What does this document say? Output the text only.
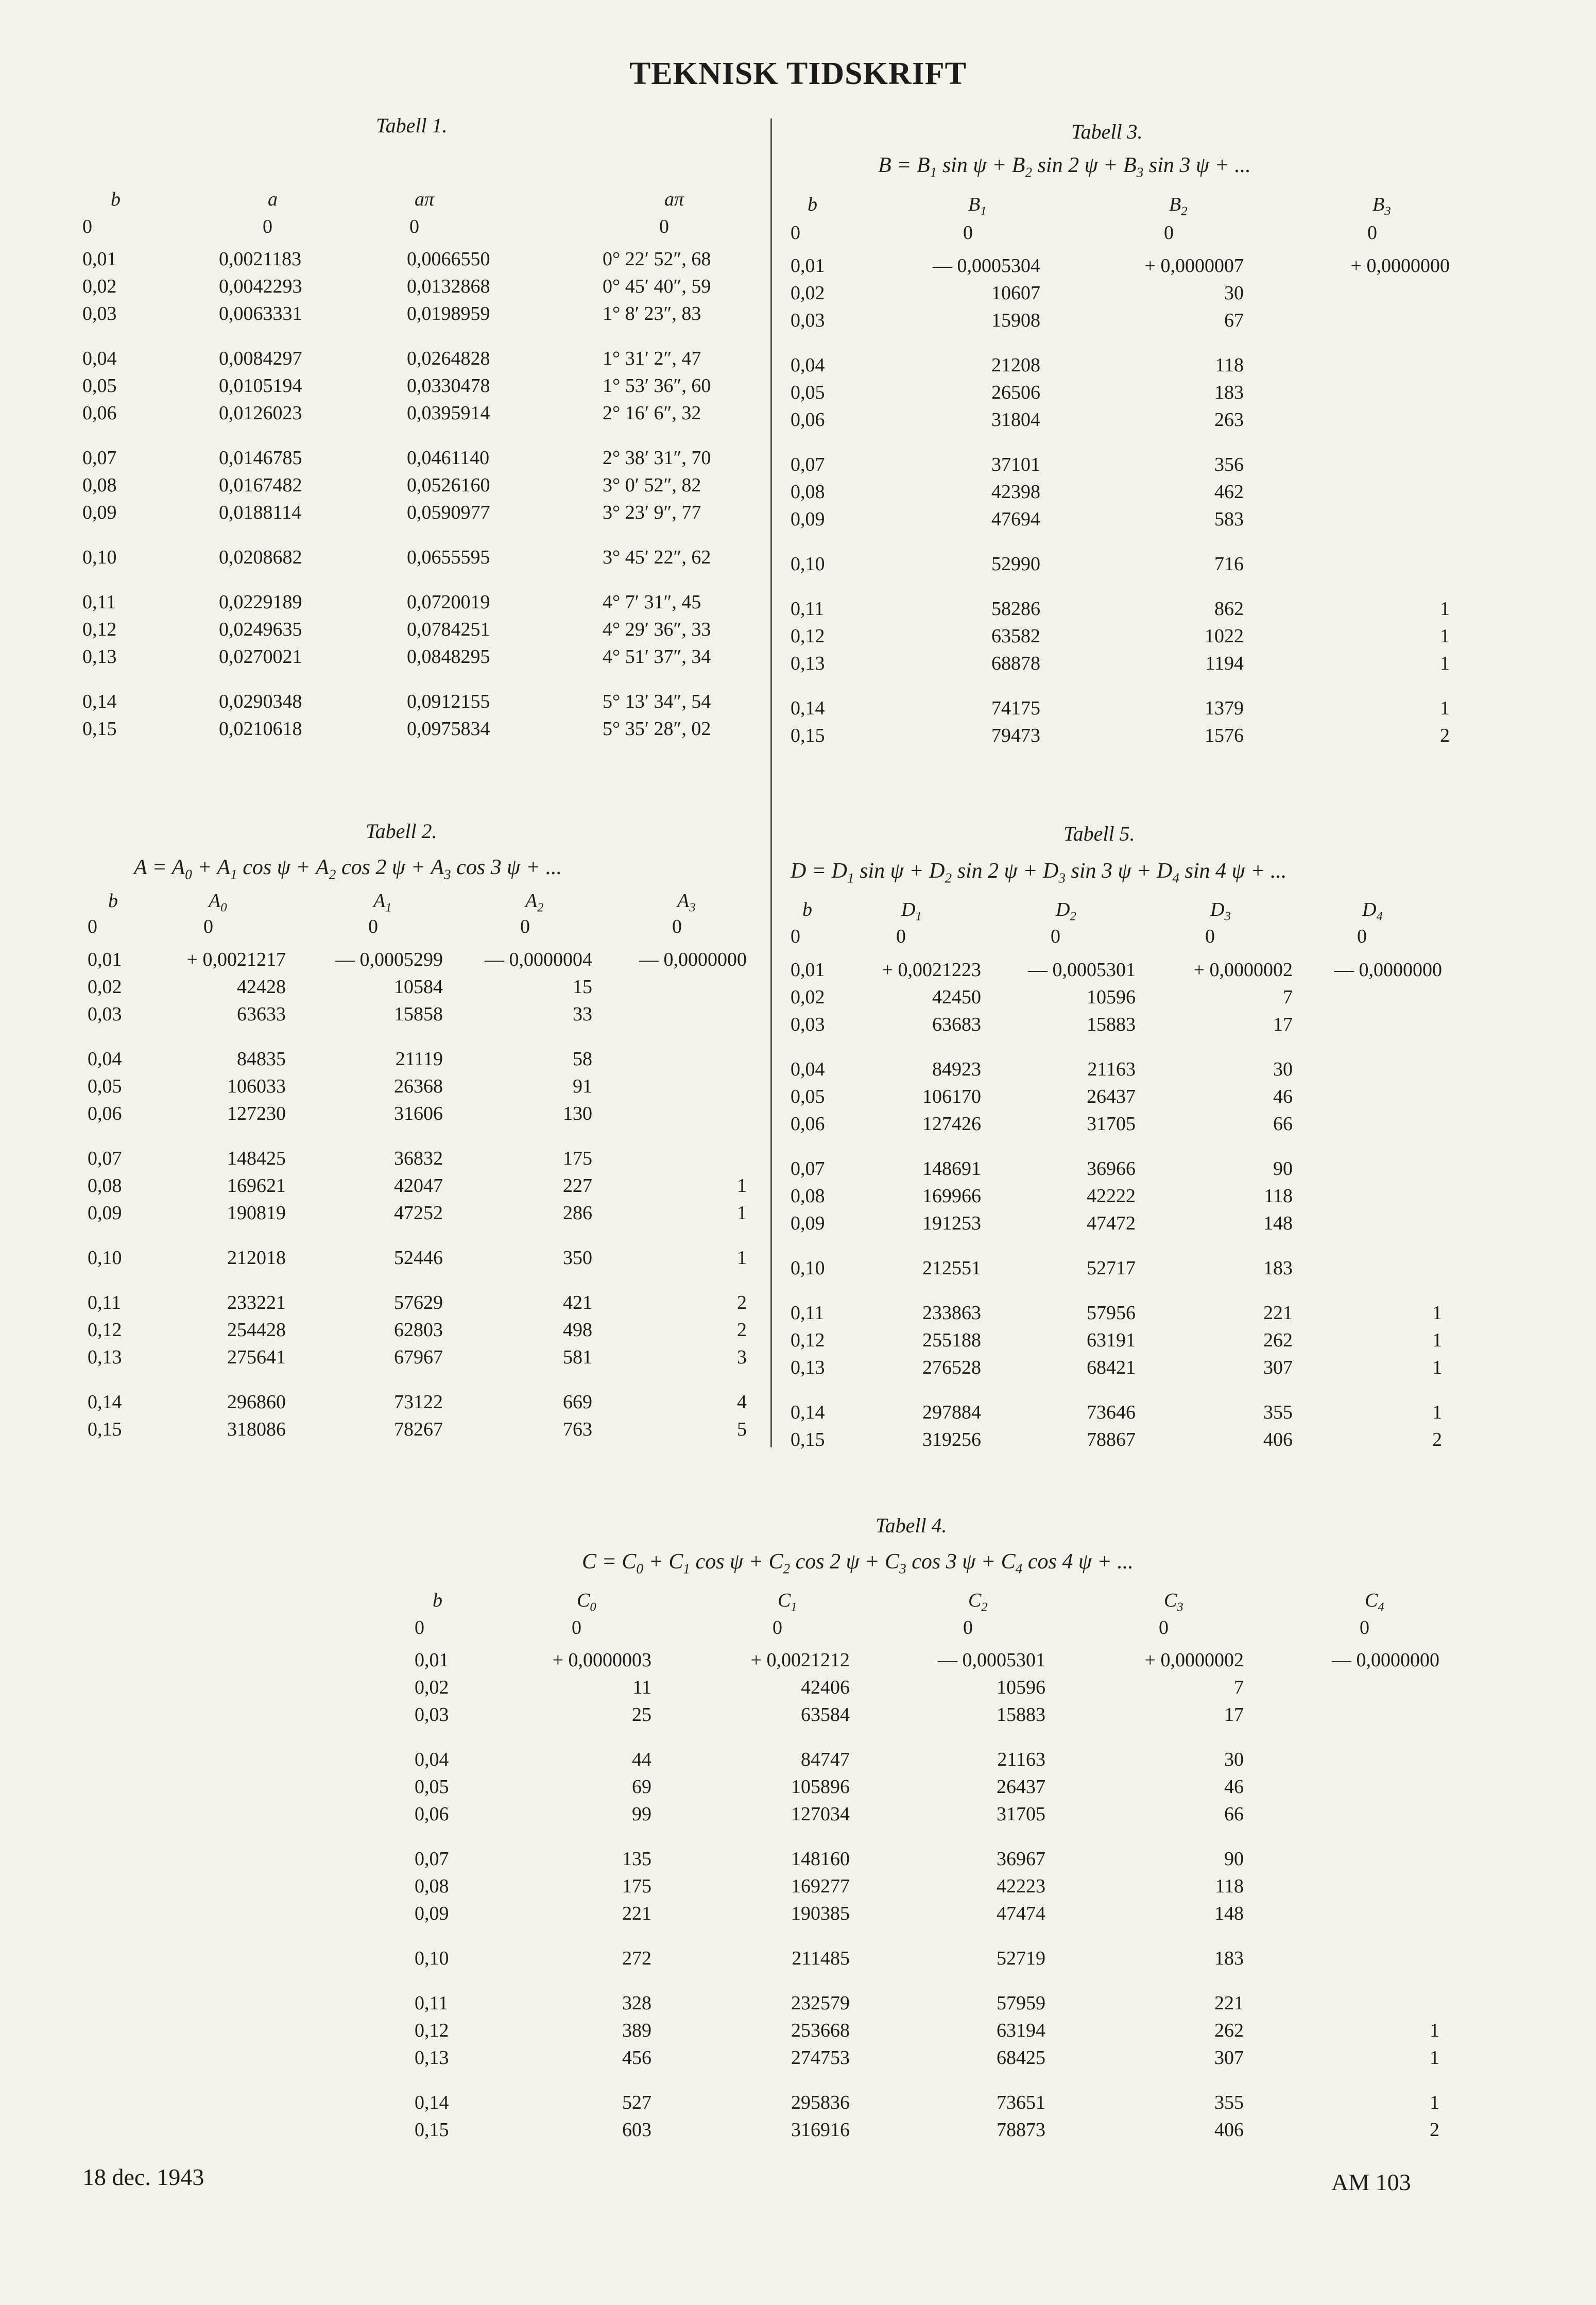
TEKNISK TIDSKRIFT
Tabell 1.
b	a	aπ	aπ
0	0	0	0
0,01	0,0021183	0,0066550	0° 22′ 52″, 68
0,02	0,0042293	0,0132868	0° 45′ 40″, 59
0,03	0,0063331	0,0198959	1° 8′ 23″, 83
0,04	0,0084297	0,0264828	1° 31′ 2″, 47
0,05	0,0105194	0,0330478	1° 53′ 36″, 60
0,06	0,0126023	0,0395914	2° 16′ 6″, 32
0,07	0,0146785	0,0461140	2° 38′ 31″, 70
0,08	0,0167482	0,0526160	3° 0′ 52″, 82
0,09	0,0188114	0,0590977	3° 23′ 9″, 77
0,10	0,0208682	0,0655595	3° 45′ 22″, 62
0,11	0,0229189	0,0720019	4° 7′ 31″, 45
0,12	0,0249635	0,0784251	4° 29′ 36″, 33
0,13	0,0270021	0,0848295	4° 51′ 37″, 34
0,14	0,0290348	0,0912155	5° 13′ 34″, 54
0,15	0,0210618	0,0975834	5° 35′ 28″, 02
Tabell 3.
$B = B_1$ $\sin \psi + B_2$ sin 2 $\psi + B_3$ sin 3 ψ + ...
b	$B_1$	$B_2$	$B_3$
0	0	0	0
0,01	— 0,0005304	+ 0,0000007	+ 0,0000000
0,02	10607	30
0,03	15908	67
0,04	21208	118
0,05	26506	183
0,06	31804	263
0,07	37101	356
0,08	42398	462
0,09	47694	583
0,10	52990	716
0,11	58286	862	1
0,12	63582	1022	1
0,13	68878	1194	1
0,14	74175	1379	1
0,15	79473	1576	2
Tabell 2.
$A = A_0 + A_1$ $\cos \psi + A_2$ cos 2 $\psi + A_3$ cos 3 ψ + ...
b	$A_0$	$A_1$	$A_2$	$A_3$
0	0	0	0	0
0,01	+ 0,0021217	— 0,0005299	— 0,0000004	— 0,0000000
0,02	42428	10584	15
0,03	63633	15858	33
0,04	84835	21119	58
0,05	106033	26368	91
0,06	127230	31606	130
0,07	148425	36832	175
0,08	169621	42047	227	1
0,09	190819	47252	286	1
0,10	212018	52446	350	1
0,11	233221	57629	421	2
0,12	254428	62803	498	2
0,13	275641	67967	581	3
0,14	296860	73122	669	4
0,15	318086	78267	763	5
Tabell 5.
$D = D_1$ $\sin \psi + D_2$ sin 2 $\psi + D_3$ sin 3 $\psi + D_4$ sin 4 ψ + ...
b	$D_1$	$D_2$	$D_3$	$D_4$
0	0	0	0	0
0,01	+ 0,0021223	— 0,0005301	+ 0,0000002	— 0,0000000
0,02	42450	10596	7
0,03	63683	15883	17
0,04	84923	21163	30
0,05	106170	26437	46
0,06	127426	31705	66
0,07	148691	36966	90
0,08	169966	42222	118
0,09	191253	47472	148
0,10	212551	52717	183
0,11	233863	57956	221	1
0,12	255188	63191	262	1
0,13	276528	68421	307	1
0,14	297884	73646	355	1
0,15	319256	78867	406	2
Tabell 4.
$C = C_0 + C_1$ $\cos \psi + C_2$ cos 2 $\psi + C_3$ cos 3 $\psi + C_4$ cos 4 ψ + ...
b	$C_0$	$C_1$	$C_2$	$C_3$	$C_4$
0	0	0	0	0	0
0,01	+ 0,0000003	+ 0,0021212	— 0,0005301	+ 0,0000002	— 0,0000000
0,02	11	42406	10596	7
0,03	25	63584	15883	17
0,04	44	84747	21163	30
0,05	69	105896	26437	46
0,06	99	127034	31705	66
0,07	135	148160	36967	90
0,08	175	169277	42223	118
0,09	221	190385	47474	148
0,10	272	211485	52719	183
0,11	328	232579	57959	221
0,12	389	253668	63194	262	1
0,13	456	274753	68425	307	1
0,14	527	295836	73651	355	1
0,15	603	316916	78873	406	2
18 dec. 1943	AM 103
